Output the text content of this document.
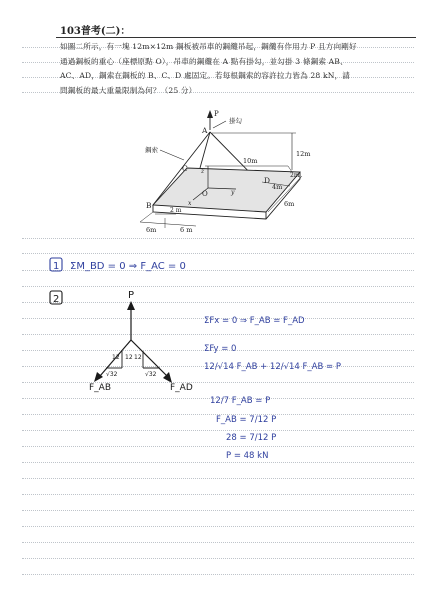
103普考(二)：

如圖二所示，有一塊 12m×12m 鋼板被吊車的鋼纜吊起，鋼纜有作用力 P 且方向剛好

通過鋼板的重心（座標原點 O），吊車的鋼纜在 A 點有掛勾，並勾掛 3 條鋼索 AB、

AC、AD，鋼索在鋼板的 B、C、D 處固定。若每根鋼索的容許拉力皆為 28 kN，請

問鋼板的最大重量限制為何？（25 分）

P
A
掛勾
鋼索
10m
12m
2m
4m
6m
z
y
x
O
D
C
B
2 m
6m	6 m
1 ΣM_BD = 0 ⇒ F_AC = 0
2	P
12
√32
12 12
√32
F_AB	F_AD
ΣFx = 0 ⇒ F_AB = F_AD
ΣFy = 0
12/√14 F_AB + 12/√14 F_AB = P
12/7 F_AB = P
F_AB = 7/12 P
28 = 7/12 P
P = 48 kN
